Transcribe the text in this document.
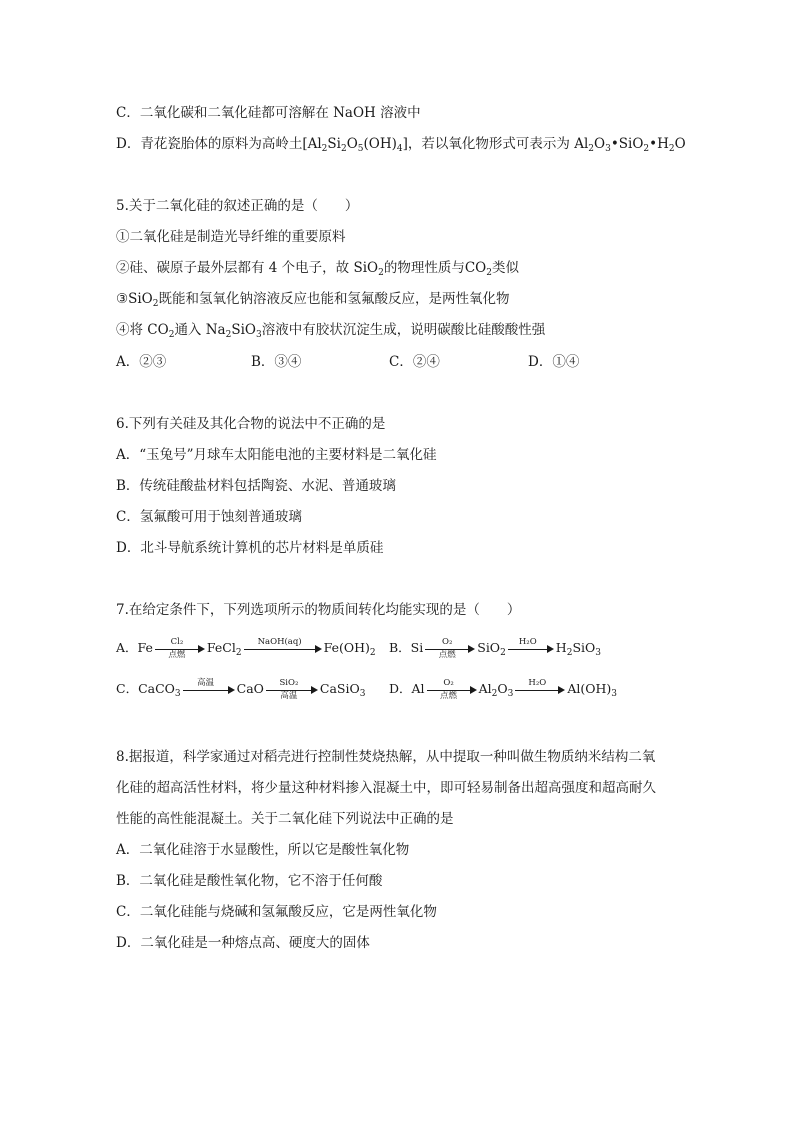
C．二氧化碳和二氧化硅都可溶解在 NaOH 溶液中
D．青花瓷胎体的原料为高岭土$[Al_2Si_2O_5(OH)_4]$，若以氧化物形式可表示为 $Al_2O_3•SiO_2•H_2O$
5.关于二氧化硅的叙述正确的是（　　）
①二氧化硅是制造光导纤维的重要原料
②硅、碳原子最外层都有 4 个电子，故 SiO$_2$的物理性质与$CO_2$类似
③SiO$_2$既能和氢氧化钠溶液反应也能和氢氟酸反应，是两性氧化物
④将 $CO_2$通入 $Na_2SiO_3$溶液中有胶状沉淀生成，说明碳酸比硅酸酸性强
A．②③	B．③④	C．②④	D．①④
6.下列有关硅及其化合物的说法中不正确的是
A．“玉兔号”月球车太阳能电池的主要材料是二氧化硅
B．传统硅酸盐材料包括陶瓷、水泥、普通玻璃
C．氢氟酸可用于蚀刻普通玻璃
D．北斗导航系统计算机的芯片材料是单质硅
7.在给定条件下，下列选项所示的物质间转化均能实现的是（　　）
A．Fe	Cl₂
点燃	FeCl$_2$
NaOH(aq)	$Fe(OH)_2$ B．Si	O₂
点燃	SiO$_2$
H₂O	$H_2SiO_3$
C．CaCO$_3$
高温	CaO	SiO₂
高温	CaSiO$_3$ D．Al	O₂
点燃	$Al_2O_3$
H₂O	$Al(OH)_3$
8.据报道，科学家通过对稻壳进行控制性焚烧热解，从中提取一种叫做生物质纳米结构二氧
化硅的超高活性材料，将少量这种材料掺入混凝土中，即可轻易制备出超高强度和超高耐久
性能的高性能混凝土。关于二氧化硅下列说法中正确的是
A．二氧化硅溶于水显酸性，所以它是酸性氧化物
B．二氧化硅是酸性氧化物，它不溶于任何酸
C．二氧化硅能与烧碱和氢氟酸反应，它是两性氧化物
D．二氧化硅是一种熔点高、硬度大的固体
